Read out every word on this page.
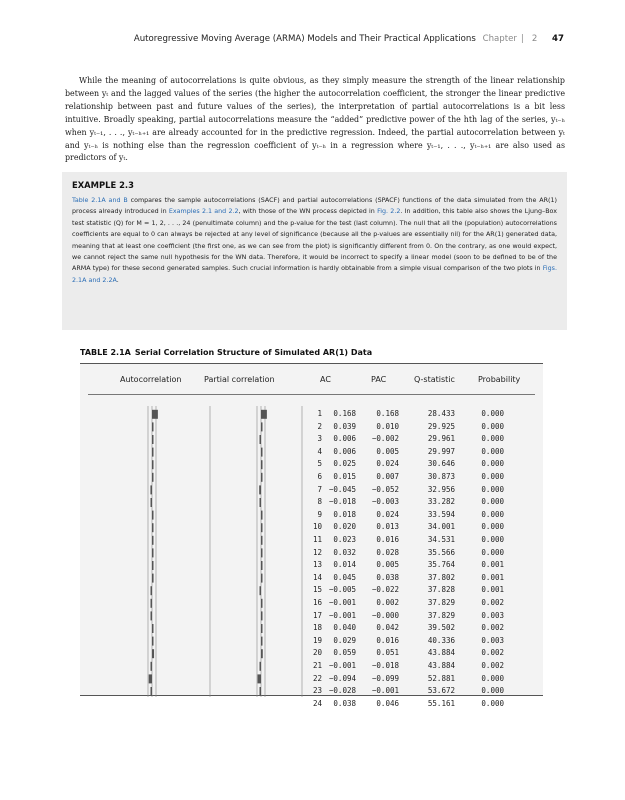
Autoregressive Moving Average (ARMA) Models and Their Practical Applications Chapter | 2 47

While the meaning of autocorrelations is quite obvious, as they simply measure the strength of the linear relationship between yₜ and the lagged values of the series (the higher the autocorrelation coefficient, the stronger the linear predictive relationship between past and future values of the series), the interpretation of partial autocorrelations is a bit less intuitive. Broadly speaking, partial autocorrelations measure the “added” predictive power of the hth lag of the series, yₜ₋ₕ when yₜ₋₁, . . ., yₜ₋ₕ₊₁ are already accounted for in the predictive regression. Indeed, the partial autocorrelation between yₜ and yₜ₋ₕ is nothing else than the regression coefficient of yₜ₋ₕ in a regression where yₜ₋₁, . . ., yₜ₋ₕ₊₁ are also used as predictors of yₜ.

EXAMPLE 2.3
Table 2.1A and B compares the sample autocorrelations (SACF) and partial autocorrelations (SPACF) functions of the data simulated from the AR(1) process already introduced in Examples 2.1 and 2.2, with those of the WN process depicted in Fig. 2.2. In addition, this table also shows the Ljung–Box test statistic (Q) for M = 1, 2, . . ., 24 (penultimate column) and the p-value for the test (last column). The null that all the (population) autocorrelations coefficients are equal to 0 can always be rejected at any level of significance (because all the p-values are essentially nil) for the AR(1) generated data, meaning that at least one coefficient (the first one, as we can see from the plot) is significantly different from 0. On the contrary, as one would expect, we cannot reject the same null hypothesis for the WN data. Therefore, it would be incorrect to specify a linear model (soon to be defined to be of the ARMA type) for these second generated samples. Such crucial information is hardly obtainable from a simple visual comparison of the two plots in Figs. 2.1A and 2.2A.
TABLE 2.1A Serial Correlation Structure of Simulated AR(1) Data
Autocorrelation	Partial correlation	AC	PAC	Q-statistic	Probability
1	0.168	0.168	28.433	0.000
2	0.039	0.010	29.925	0.000
3	0.006	−0.002	29.961	0.000
4	0.006	0.005	29.997	0.000
5	0.025	0.024	30.646	0.000
6	0.015	0.007	30.873	0.000
7 −0.045	−0.052	32.956	0.000
8 −0.018	−0.003	33.282	0.000
9	0.018	0.024	33.594	0.000
10	0.020	0.013	34.001	0.000
11	0.023	0.016	34.531	0.000
12	0.032	0.028	35.566	0.000
13	0.014	0.005	35.764	0.001
14	0.045	0.038	37.802	0.001
15 −0.005	−0.022	37.828	0.001
16 −0.001	0.002	37.829	0.002
17 −0.001	−0.000	37.829	0.003
18	0.040	0.042	39.502	0.002
19	0.029	0.016	40.336	0.003
20	0.059	0.051	43.884	0.002
21 −0.001	−0.018	43.884	0.002
22 −0.094	−0.099	52.881	0.000
23 −0.028	−0.001	53.672	0.000
24	0.038	0.046	55.161	0.000
